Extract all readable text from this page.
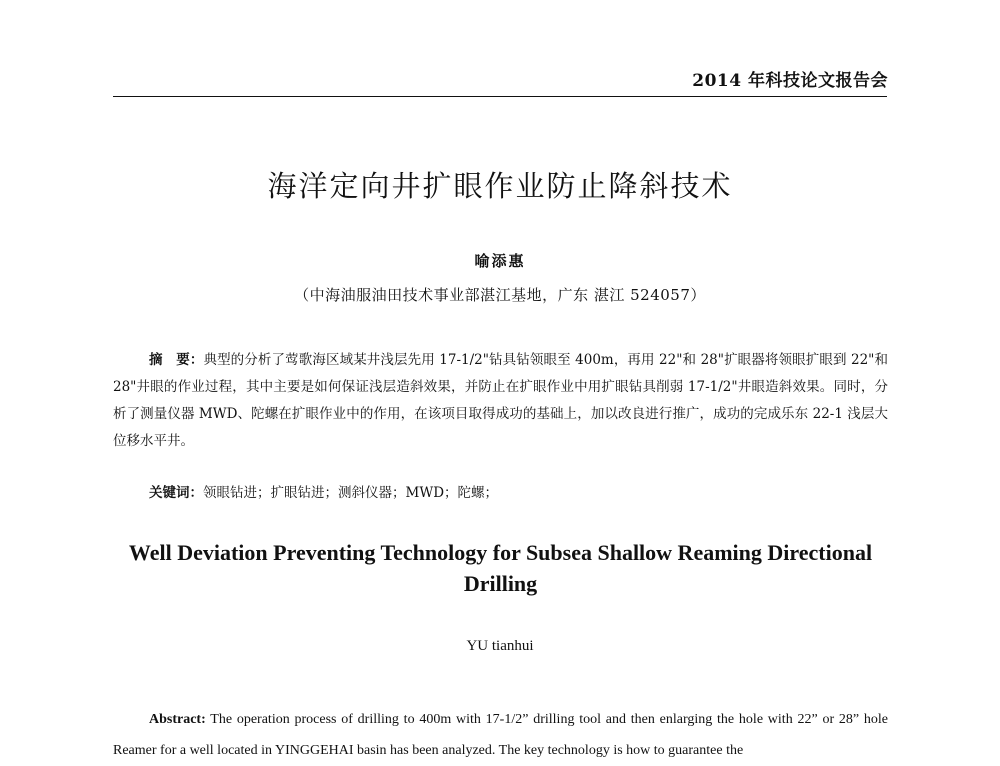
2014 年科技论文报告会
海洋定向井扩眼作业防止降斜技术
喻添惠
（中海油服油田技术事业部湛江基地，广东 湛江 524057）
摘　要：典型的分析了莺歌海区域某井浅层先用 17-1/2"钻具钻领眼至 400m，再用 22"和 28"扩眼器将领眼扩眼到 22"和 28"井眼的作业过程，其中主要是如何保证浅层造斜效果，并防止在扩眼作业中用扩眼钻具削弱 17-1/2"井眼造斜效果。同时，分析了测量仪器 MWD、陀螺在扩眼作业中的作用，在该项目取得成功的基础上，加以改良进行推广，成功的完成乐东 22-1 浅层大位移水平井。
关键词：领眼钻进；扩眼钻进；测斜仪器；MWD；陀螺；
Well Deviation Preventing Technology for Subsea Shallow Reaming Directional Drilling
YU tianhui
Abstract: The operation process of drilling to 400m with 17-1/2” drilling tool and then enlarging the hole with 22” or 28” hole Reamer for a well located in YINGGEHAI basin has been analyzed. The key technology is how to guarantee the
